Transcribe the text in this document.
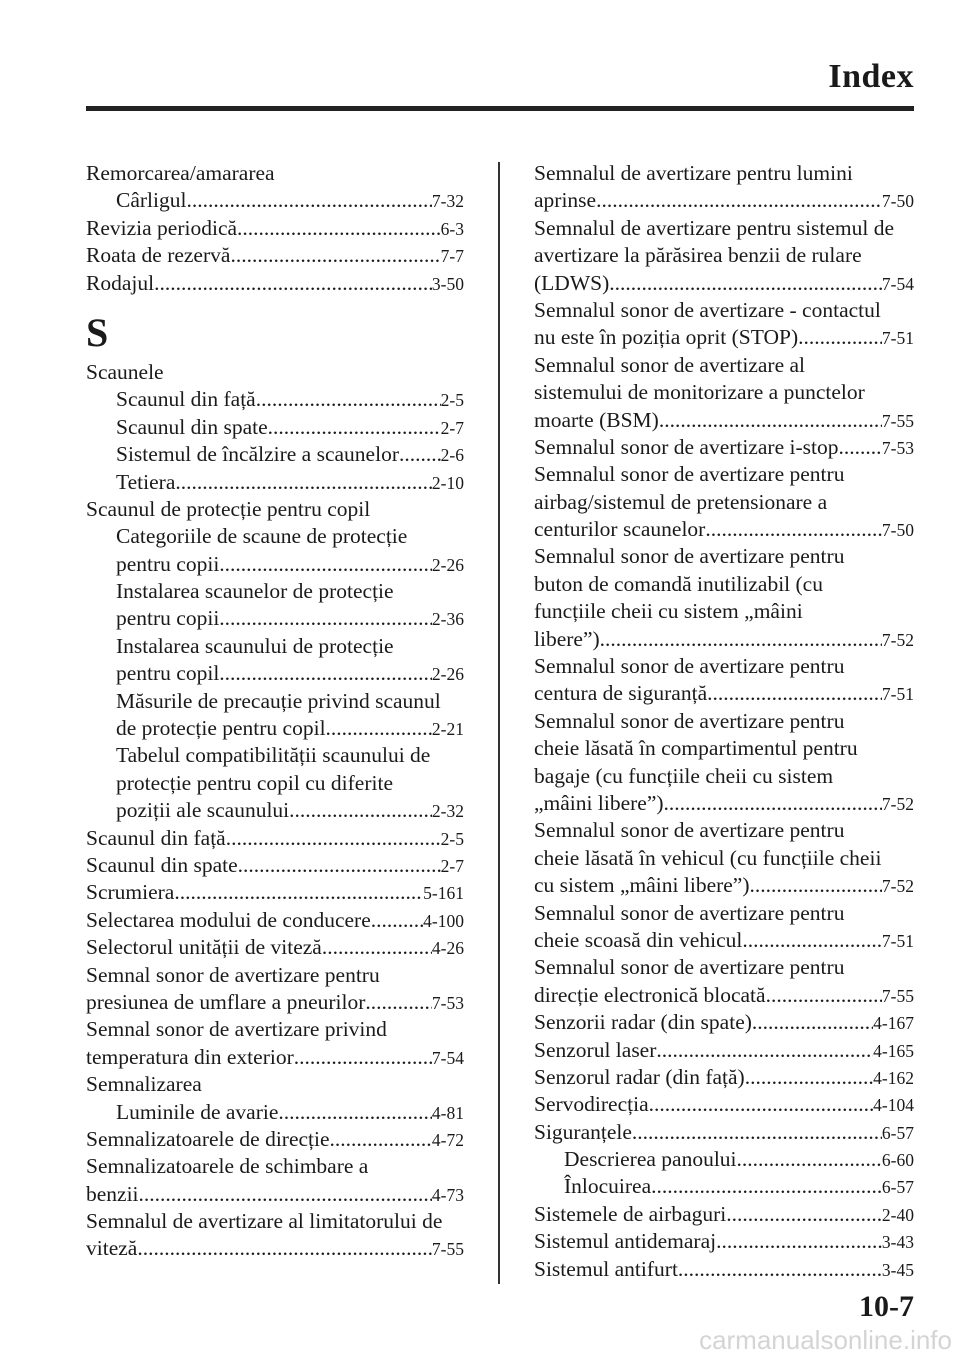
Index
Remorcarea/amararea
Cârligul .....	7-32
Revizia periodică .....	6-3
Roata de rezervă .....	7-7
Rodajul .....	3-50
S
Scaunele
Scaunul din față .....	2-5
Scaunul din spate .....	2-7
Sistemul de încălzire a scaunelor ..... 2-6
Tetiera .....	2-10
Scaunul de protecție pentru copil
Categoriile de scaune de protecție
pentru copii .....	2-26
Instalarea scaunelor de protecție
pentru copii .....	2-36
Instalarea scaunului de protecție
pentru copil .....	2-26
Măsurile de precauție privind scaunul
de protecție pentru copil .....	2-21
Tabelul compatibilității scaunului de
protecție pentru copil cu diferite
poziții ale scaunului .....	2-32
Scaunul din față .....	2-5
Scaunul din spate .....	2-7
Scrumiera .....	5-161
Selectarea modului de conducere .....	4-100
Selectorul unității de viteză .....	4-26
Semnal sonor de avertizare pentru
presiunea de umflare a pneurilor .....	7-53
Semnal sonor de avertizare privind
temperatura din exterior .....	7-54
Semnalizarea
Luminile de avarie .....	4-81
Semnalizatoarele de direcție .....	4-72
Semnalizatoarele de schimbare a
benzii .....	4-73
Semnalul de avertizare al limitatorului de
viteză .....	7-55
Semnalul de avertizare pentru lumini
aprinse .....	7-50
Semnalul de avertizare pentru sistemul de
avertizare la părăsirea benzii de rulare
(LDWS) .....	7-54
Semnalul sonor de avertizare - contactul
nu este în poziția oprit (STOP) .....	7-51
Semnalul sonor de avertizare al
sistemului de monitorizare a punctelor
moarte (BSM) .....	7-55
Semnalul sonor de avertizare i-stop ..... 7-53
Semnalul sonor de avertizare pentru
airbag/sistemul de pretensionare a
centurilor scaunelor .....	7-50
Semnalul sonor de avertizare pentru
buton de comandă inutilizabil (cu
funcțiile cheii cu sistem „mâini
libere”) .....	7-52
Semnalul sonor de avertizare pentru
centura de siguranță .....	7-51
Semnalul sonor de avertizare pentru
cheie lăsată în compartimentul pentru
bagaje (cu funcțiile cheii cu sistem
„mâini libere”) .....	7-52
Semnalul sonor de avertizare pentru
cheie lăsată în vehicul (cu funcțiile cheii
cu sistem „mâini libere”) .....	7-52
Semnalul sonor de avertizare pentru
cheie scoasă din vehicul .....	7-51
Semnalul sonor de avertizare pentru
direcție electronică blocată .....	7-55
Senzorii radar (din spate) .....	4-167
Senzorul laser .....	4-165
Senzorul radar (din față) .....	4-162
Servodirecția .....	4-104
Siguranțele .....	6-57
Descrierea panoului .....	6-60
Înlocuirea .....	6-57
Sistemele de airbaguri .....	2-40
Sistemul antidemaraj .....	3-43
Sistemul antifurt .....	3-45
10-7
carmanualsonline.info
